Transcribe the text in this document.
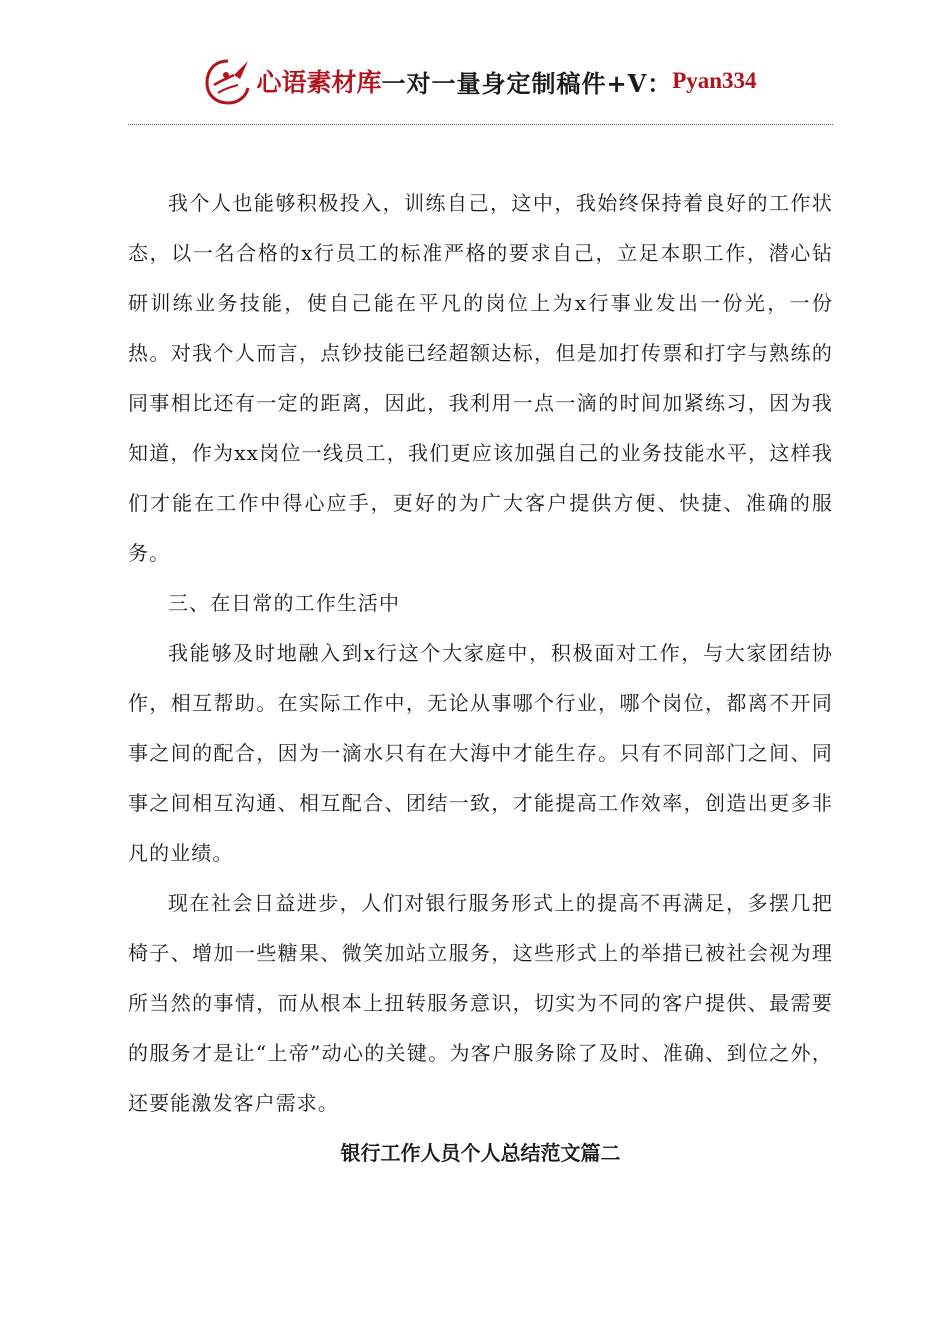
心语素材库 一对一量身定制稿件+V： Pyan334

我个人也能够积极投入，训练自己，这中，我始终保持着良好的工作状态，以一名合格的x行员工的标准严格的要求自己，立足本职工作，潜心钻研训练业务技能，使自己能在平凡的岗位上为x行事业发出一份光，一份热。对我个人而言，点钞技能已经超额达标，但是加打传票和打字与熟练的同事相比还有一定的距离，因此，我利用一点一滴的时间加紧练习，因为我知道，作为xx岗位一线员工，我们更应该加强自己的业务技能水平，这样我们才能在工作中得心应手，更好的为广大客户提供方便、快捷、准确的服务。

三、在日常的工作生活中

我能够及时地融入到x行这个大家庭中，积极面对工作，与大家团结协作，相互帮助。在实际工作中，无论从事哪个行业，哪个岗位，都离不开同事之间的配合，因为一滴水只有在大海中才能生存。只有不同部门之间、同事之间相互沟通、相互配合、团结一致，才能提高工作效率，创造出更多非凡的业绩。

现在社会日益进步，人们对银行服务形式上的提高不再满足，多摆几把椅子、增加一些糖果、微笑加站立服务，这些形式上的举措已被社会视为理所当然的事情，而从根本上扭转服务意识，切实为不同的客户提供、最需要的服务才是让“上帝”动心的关键。为客户服务除了及时、准确、到位之外，还要能激发客户需求。

银行工作人员个人总结范文篇二
